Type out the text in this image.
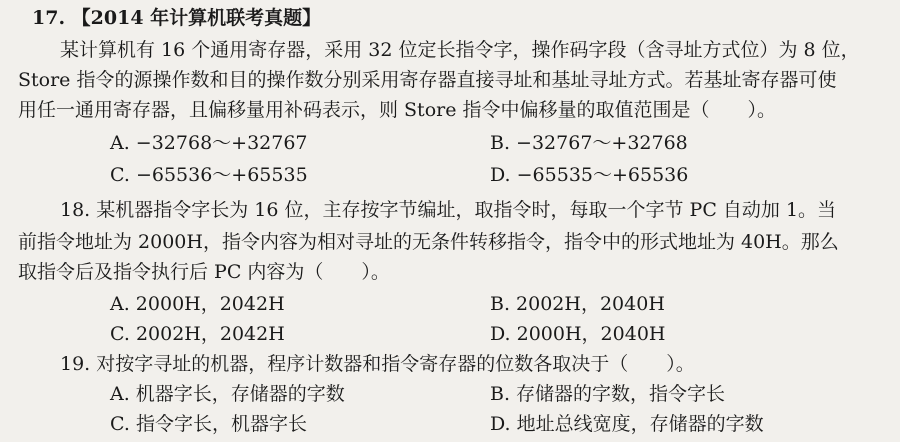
17. 【2014 年计算机联考真题】
某计算机有 16 个通用寄存器，采用 32 位定长指令字，操作码字段（含寻址方式位）为 8 位，
Store 指令的源操作数和目的操作数分别采用寄存器直接寻址和基址寻址方式。若基址寄存器可使
用任一通用寄存器，且偏移量用补码表示，则 Store 指令中偏移量的取值范围是（　　）。
A. −32768～+32767	B. −32767～+32768
C. −65536～+65535	D. −65535～+65536
18. 某机器指令字长为 16 位，主存按字节编址，取指令时，每取一个字节 PC 自动加 1。当
前指令地址为 2000H，指令内容为相对寻址的无条件转移指令，指令中的形式地址为 40H。那么
取指令后及指令执行后 PC 内容为（　　）。
A. 2000H，2042H	B. 2002H，2040H
C. 2002H，2042H	D. 2000H，2040H
19. 对按字寻址的机器，程序计数器和指令寄存器的位数各取决于（　　）。
A. 机器字长，存储器的字数	B. 存储器的字数，指令字长
C. 指令字长，机器字长	D. 地址总线宽度，存储器的字数
